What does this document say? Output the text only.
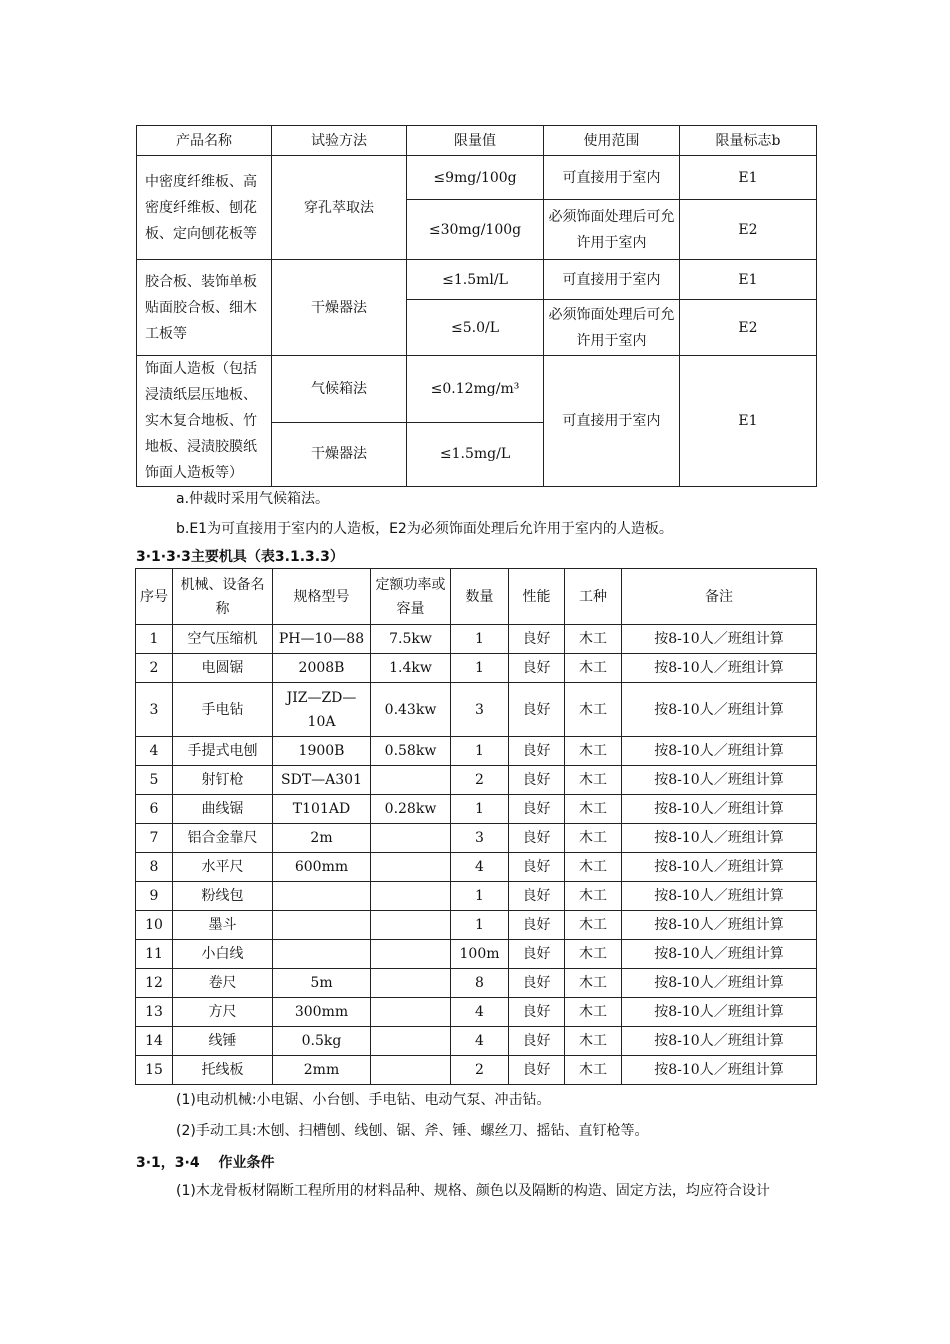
产品名称	试验方法	限量值	使用范围	限量标志b
中密度纤维板、高密度纤维板、刨花板、定向刨花板等	穿孔萃取法	≤9mg/100g	可直接用于室内	E1
		≤30mg/100g	必须饰面处理后可允许用于室内	E2
胶合板、装饰单板贴面胶合板、细木工板等	干燥器法	≤1.5ml/L	可直接用于室内	E1
		≤5.0/L	必须饰面处理后可允许用于室内	E2
饰面人造板（包括浸渍纸层压地板、实木复合地板、竹地板、浸渍胶膜纸饰面人造板等）	气候箱法	≤0.12mg/m³	可直接用于室内	E1
	干燥器法	≤1.5mg/L		
a.仲裁时采用气候箱法。
b.E1为可直接用于室内的人造板，E2为必须饰面处理后允许用于室内的人造板。
3·1·3·3主要机具（表3.1.3.3）
序号	机械、设备名称	规格型号	定额功率或容量	数量	性能	工种	备注
1	空气压缩机	PH—10—88	7.5kw	1	良好	木工	按8-10人／班组计算
2	电圆锯	2008B	1.4kw	1	良好	木工	按8-10人／班组计算
3	手电钻	JIZ—ZD—10A	0.43kw	3	良好	木工	按8-10人／班组计算
4	手提式电刨	1900B	0.58kw	1	良好	木工	按8-10人／班组计算
5	射钉枪	SDT—A301		2	良好	木工	按8-10人／班组计算
6	曲线锯	T101AD	0.28kw	1	良好	木工	按8-10人／班组计算
7	铝合金靠尺	2m		3	良好	木工	按8-10人／班组计算
8	水平尺	600mm		4	良好	木工	按8-10人／班组计算
9	粉线包			1	良好	木工	按8-10人／班组计算
10	墨斗			1	良好	木工	按8-10人／班组计算
11	小白线			100m	良好	木工	按8-10人／班组计算
12	卷尺	5m		8	良好	木工	按8-10人／班组计算
13	方尺	300mm		4	良好	木工	按8-10人／班组计算
14	线锤	0.5kg		4	良好	木工	按8-10人／班组计算
15	托线板	2mm		2	良好	木工	按8-10人／班组计算
(1)电动机械:小电锯、小台刨、手电钻、电动气泵、冲击钻。
(2)手动工具:木刨、扫槽刨、线刨、锯、斧、锤、螺丝刀、摇钻、直钉枪等。
3·1，3·4　 作业条件
(1)木龙骨板材隔断工程所用的材料品种、规格、颜色以及隔断的构造、固定方法，均应符合设计
